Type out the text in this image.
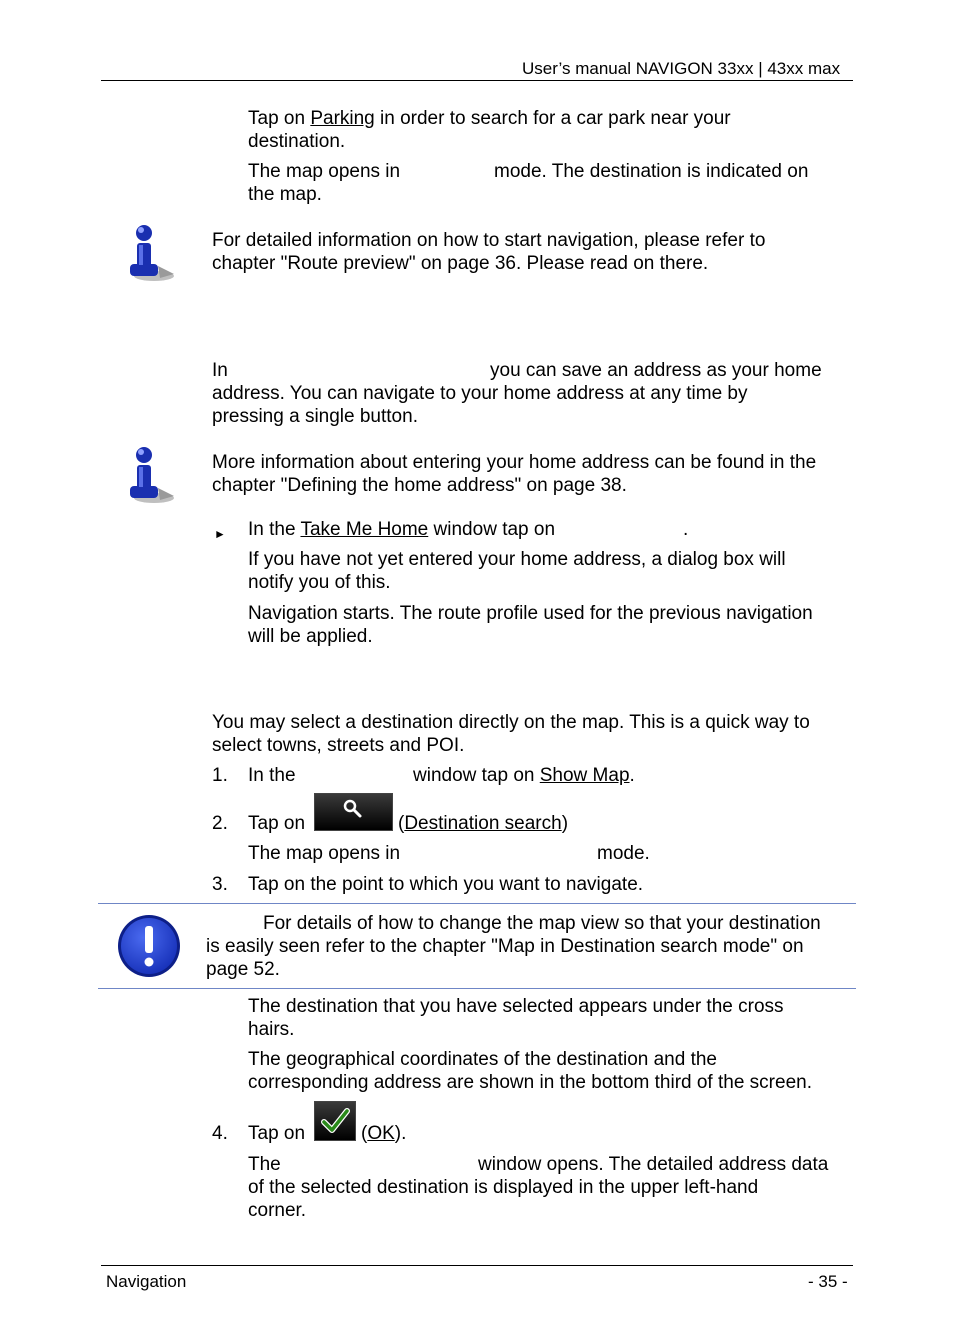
User’s manual NAVIGON 33xx | 43xx max
Tap on Parking in order to search for a car park near your
destination.
The map opens in	mode. The destination is indicated on
the map.
For detailed information on how to start navigation, please refer to
chapter "Route preview" on page 36. Please read on there.
In	you can save an address as your home
address. You can navigate to your home address at any time by
pressing a single button.
More information about entering your home address can be found in the
chapter "Defining the home address" on page 38.
► In the Take Me Home window tap on	.
If you have not yet entered your home address, a dialog box will
notify you of this.
Navigation starts. The route profile used for the previous navigation
will be applied.
You may select a destination directly on the map. This is a quick way to
select towns, streets and POI.
1. In the	window tap on Show Map.
2. Tap on	(Destination search)
The map opens in	mode.
3. Tap on the point to which you want to navigate.
For details of how to change the map view so that your destination
is easily seen refer to the chapter "Map in Destination search mode" on
page 52.
The destination that you have selected appears under the cross
hairs.
The geographical coordinates of the destination and the
corresponding address are shown in the bottom third of the screen.
4. Tap on	(OK).
The	window opens. The detailed address data
of the selected destination is displayed in the upper left-hand
corner.
Navigation	- 35 -
